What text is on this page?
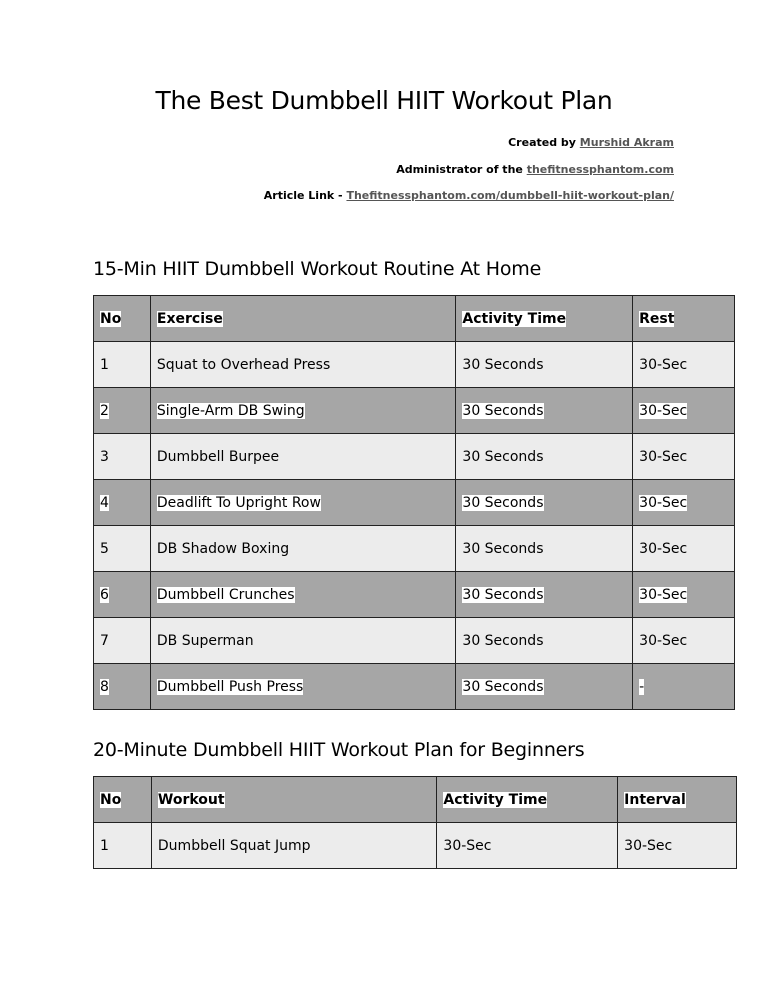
The Best Dumbbell HIIT Workout Plan
Created by Murshid Akram
Administrator of the thefitnessphantom.com
Article Link - Thefitnessphantom.com/dumbbell-hiit-workout-plan/
15-Min HIIT Dumbbell Workout Routine At Home
No	Exercise	Activity Time	Rest
1	Squat to Overhead Press	30 Seconds	30-Sec
2	Single-Arm DB Swing	30 Seconds	30-Sec
3	Dumbbell Burpee	30 Seconds	30-Sec
4	Deadlift To Upright Row	30 Seconds	30-Sec
5	DB Shadow Boxing	30 Seconds	30-Sec
6	Dumbbell Crunches	30 Seconds	30-Sec
7	DB Superman	30 Seconds	30-Sec
8	Dumbbell Push Press	30 Seconds	-
20-Minute Dumbbell HIIT Workout Plan for Beginners
No	Workout	Activity Time	Interval
1	Dumbbell Squat Jump	30-Sec	30-Sec
